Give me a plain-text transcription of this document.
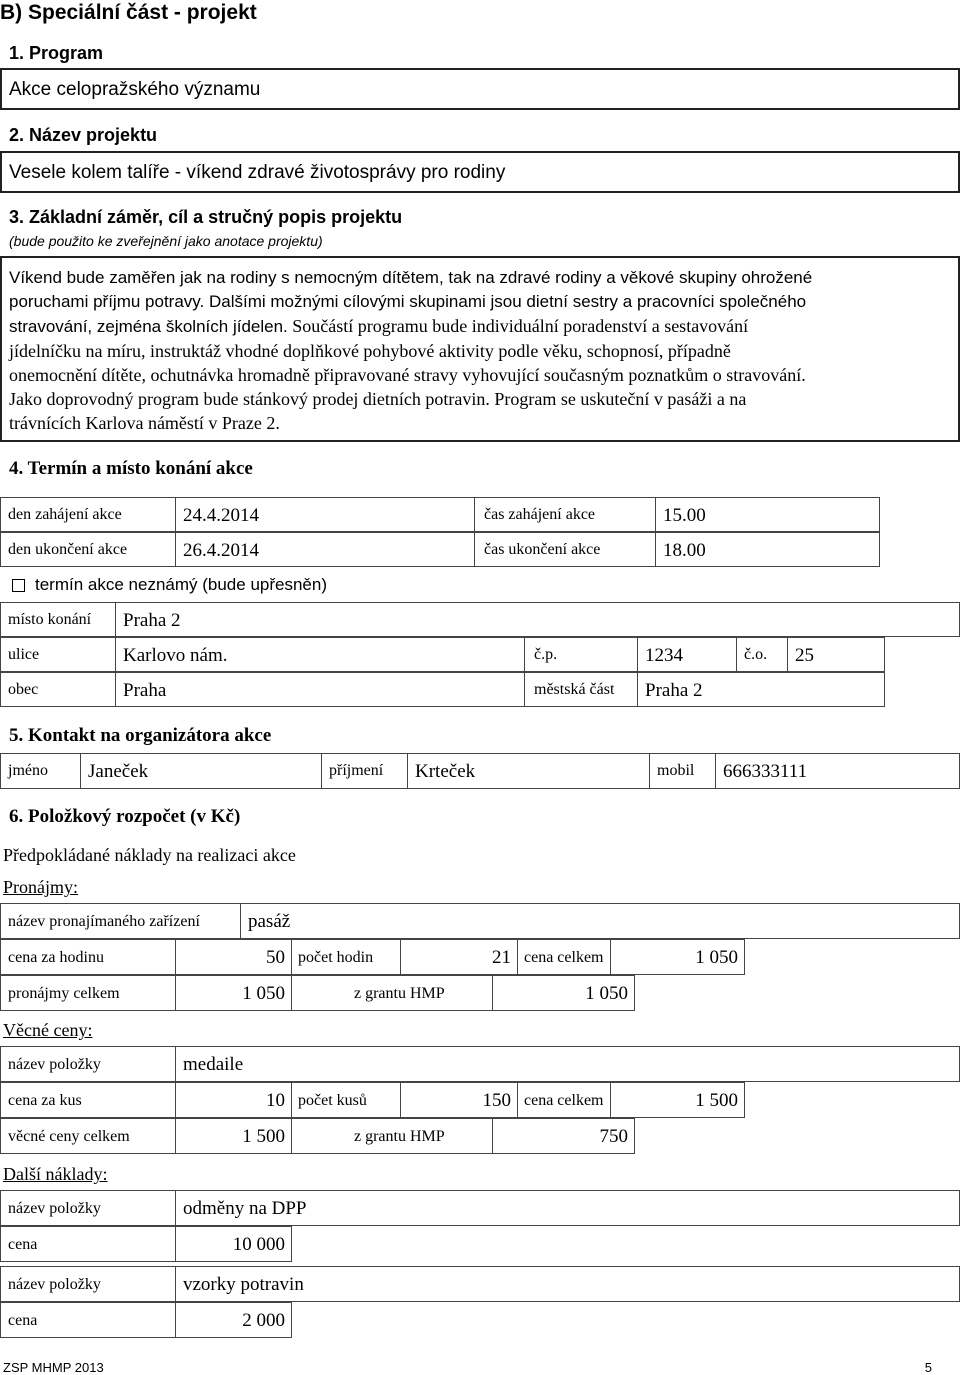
B) Speciální část - projekt
1. Program
Akce celopražského významu
2. Název projektu
Vesele kolem talíře - víkend zdravé životosprávy pro rodiny
3. Základní záměr, cíl a stručný popis projektu
(bude použito ke zveřejnění jako anotace projektu)
Víkend bude zaměřen jak na rodiny s nemocným dítětem, tak na zdravé rodiny a věkové skupiny ohrožené
poruchami příjmu potravy. Dalšími možnými cílovými skupinami jsou dietní sestry a pracovníci společného
stravování, zejména školních jídelen. Součástí programu bude individuální poradenství a sestavování
jídelníčku na míru, instruktáž vhodné doplňkové pohybové aktivity podle věku, schopnosí, případně
onemocnění dítěte, ochutnávka hromadně připravované stravy vyhovující současným poznatkům o stravování.
Jako doprovodný program bude stánkový prodej dietních potravin. Program se uskuteční v pasáži a na
trávnících Karlova náměstí v Praze 2.
4. Termín a místo konání akce
den zahájení akce	24.4.2014	čas zahájení akce	15.00
den ukončení akce	26.4.2014	čas ukončení akce	18.00
termín akce neznámý (bude upřesněn)
místo konání Praha 2
ulice	Karlovo nám.	č.p.	1234	č.o. 25
obec	Praha	městská část Praha 2
5. Kontakt na organizátora akce
jméno Janeček	příjmení Krteček	mobil 666333111
6. Položkový rozpočet (v Kč)
Předpokládané náklady na realizaci akce
Pronájmy:
název pronajímaného zařízení	pasáž
cena za hodinu	50 počet hodin	21 cena celkem	1 050
pronájmy celkem	1 050	z grantu HMP	1 050
Věcné ceny:
název položky	medaile
cena za kus	10 počet kusů	150 cena celkem	1 500
věcné ceny celkem	1 500	z grantu HMP	750
Další náklady:
název položky	odměny na DPP
cena	10 000
název položky	vzorky potravin
cena	2 000
ZSP MHMP 2013	5
